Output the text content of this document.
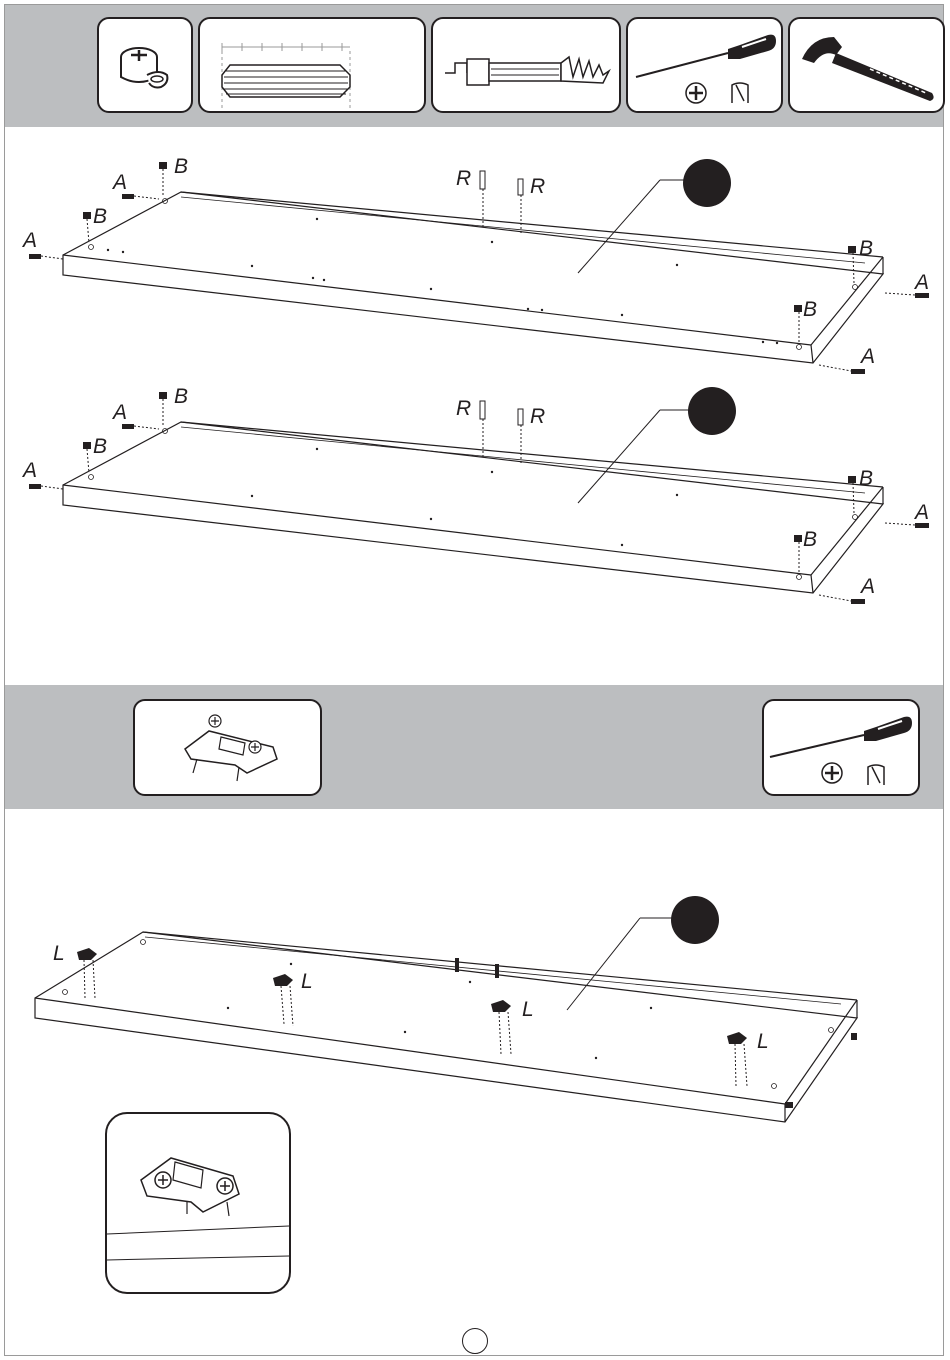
B
A
B
A
R	R
B
A
B
A
B
A
B
A
R	R
B
A
B
A
L
L
L
L
